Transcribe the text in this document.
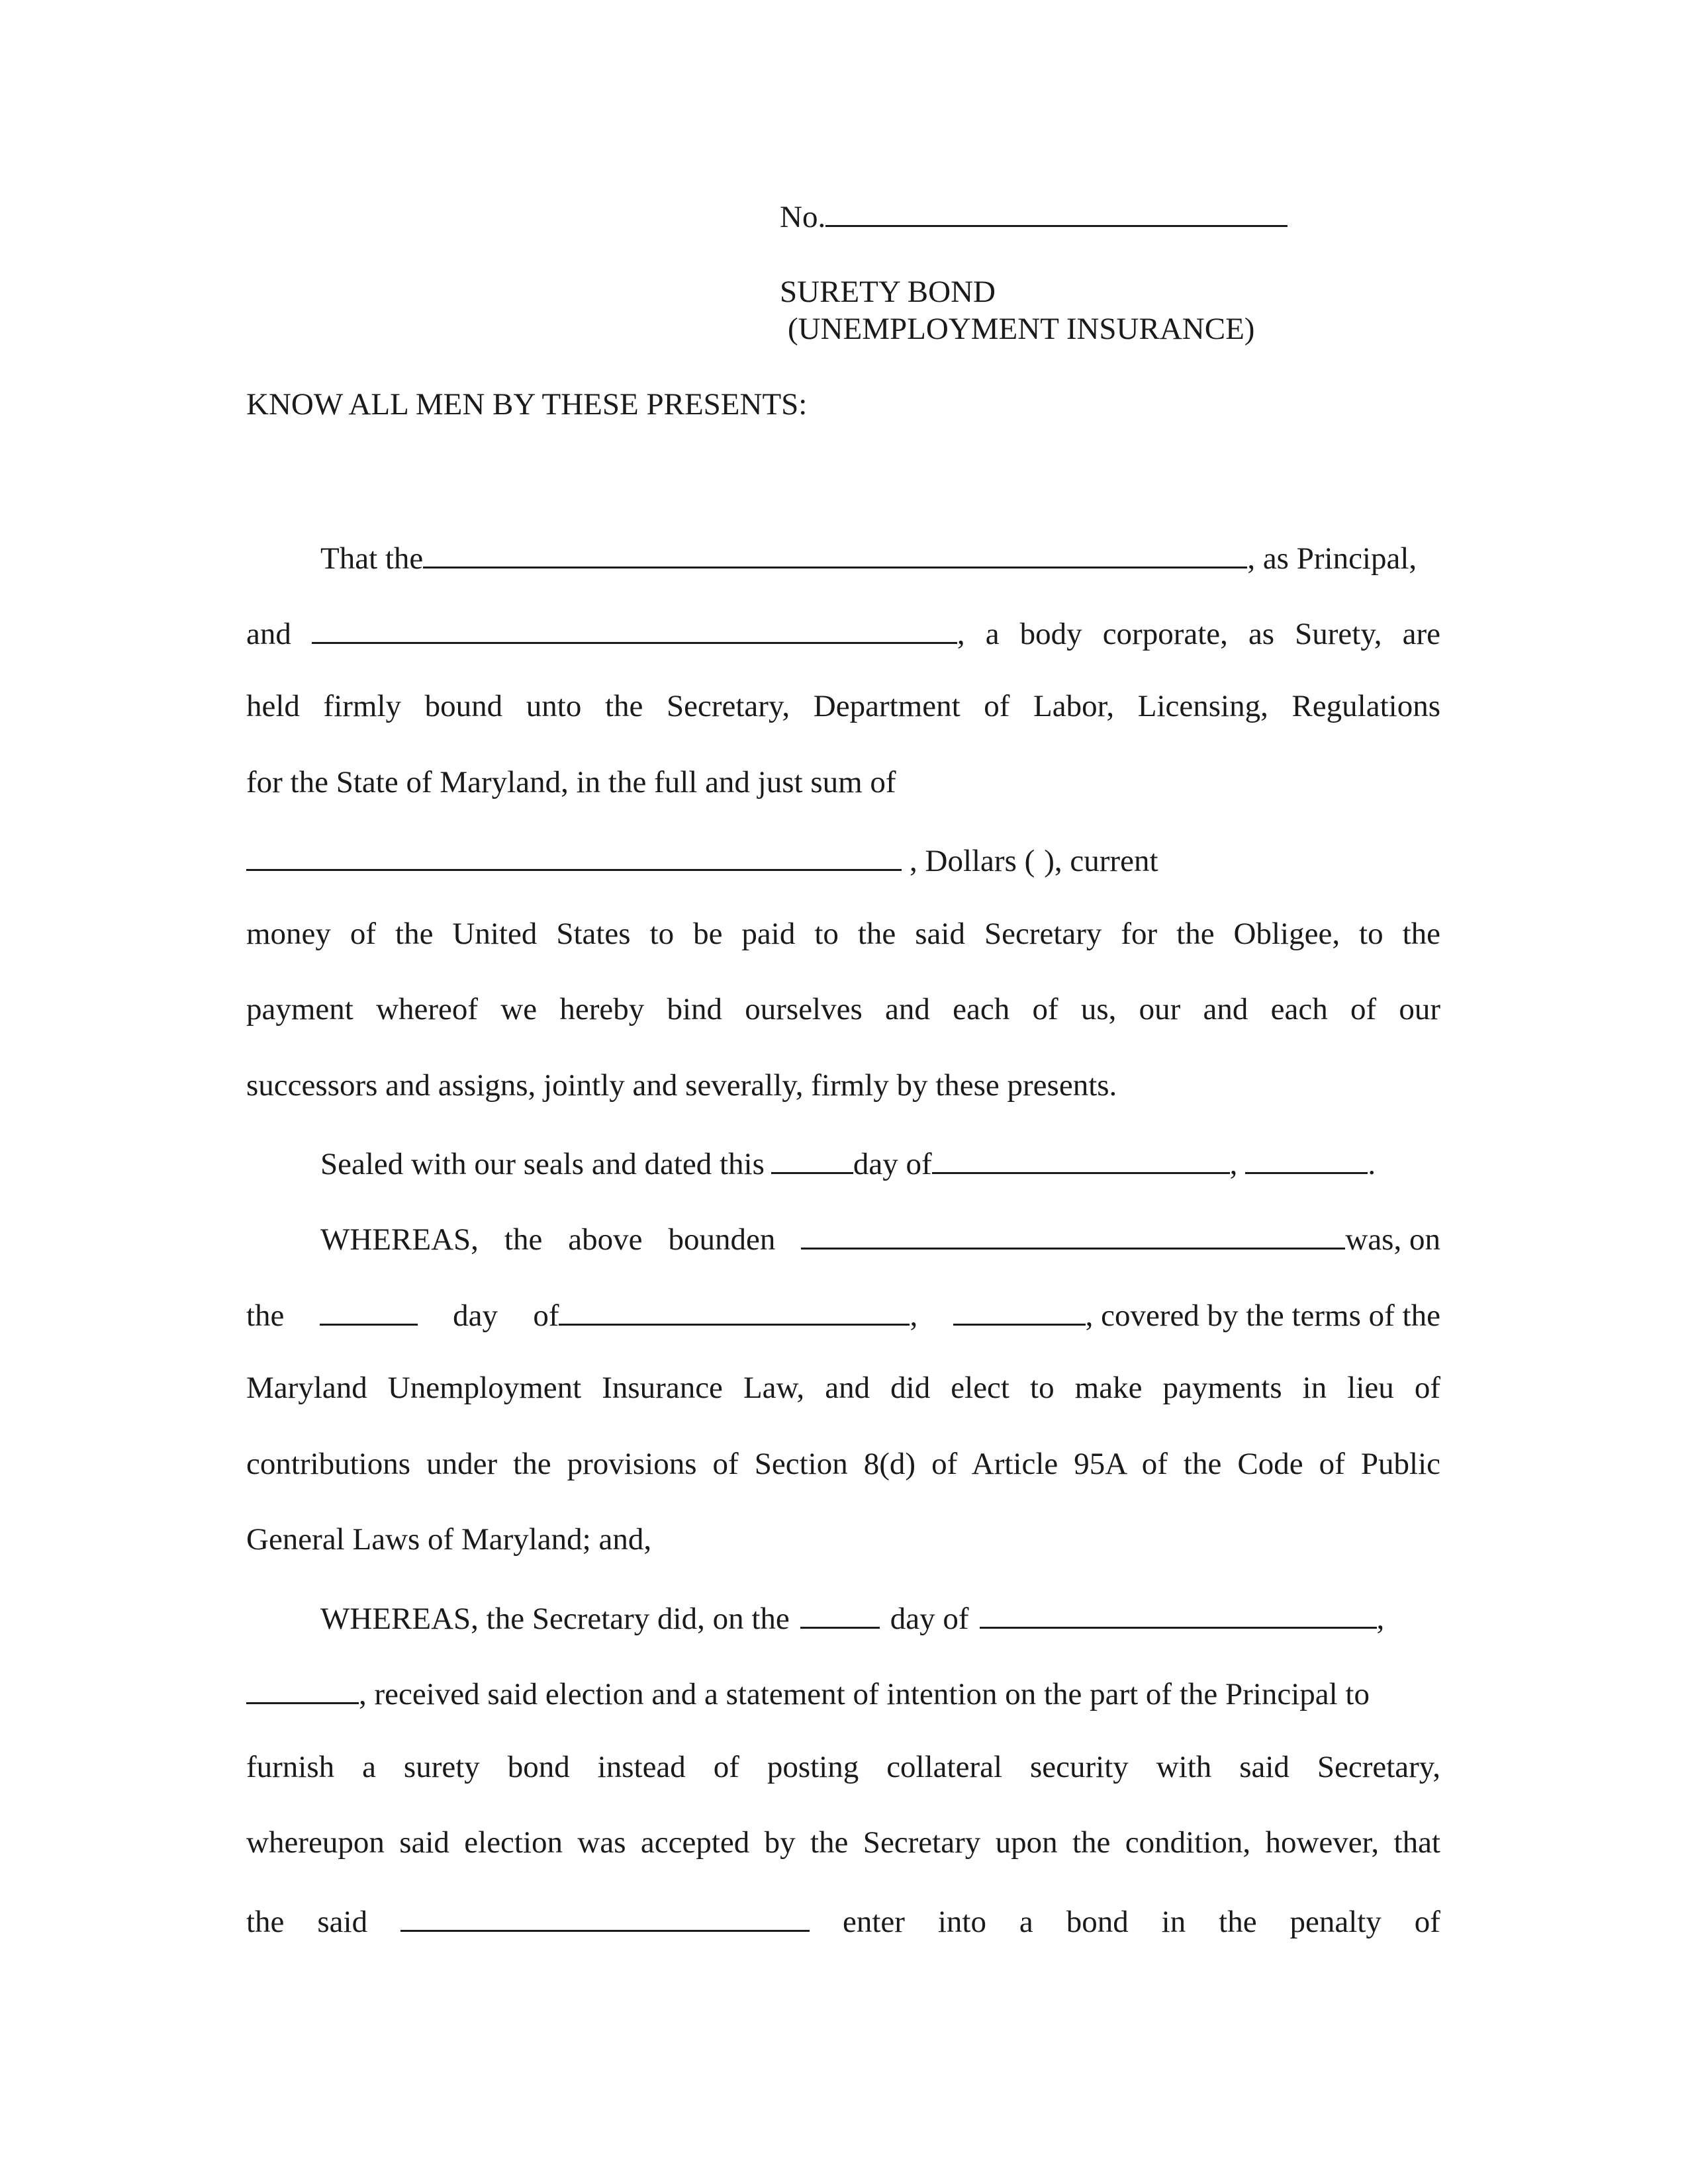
No.
SURETY BOND
(UNEMPLOYMENT INSURANCE)
KNOW ALL MEN BY THESE PRESENTS:
That the	, as Principal,
and	, a body corporate, as Surety, are
held firmly bound unto the Secretary, Department of Labor, Licensing, Regulations
for the State of Maryland, in the full and just sum of
, Dollars ( ), current
money of the United States to be paid to the said Secretary for the Obligee, to the
payment whereof we hereby bind ourselves and each of us, our and each of our
successors and assigns, jointly and severally, firmly by these presents.
Sealed with our seals and dated this	day of	,	.
WHEREAS, the above bounden	was, on
the	day of	,	, covered by the terms of the
Maryland Unemployment Insurance Law, and did elect to make payments in lieu of
contributions under the provisions of Section 8(d) of Article 95A of the Code of Public
General Laws of Maryland; and,
WHEREAS, the Secretary did, on the	day of	,
, received said election and a statement of intention on the part of the Principal to
furnish a surety bond instead of posting collateral security with said Secretary,
whereupon said election was accepted by the Secretary upon the condition, however, that
the said	enter into a bond in the penalty of
